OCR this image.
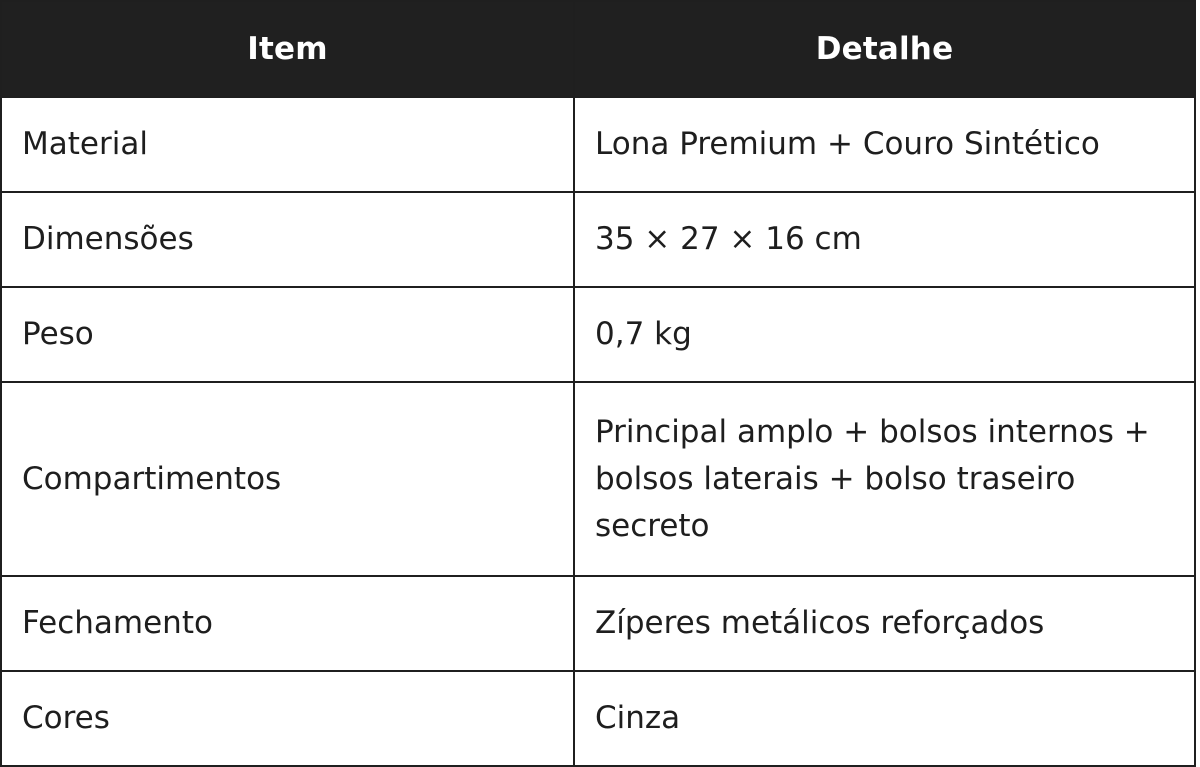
Item	Detalhe
Material	Lona Premium + Couro Sintético
Dimensões	35 × 27 × 16 cm
Peso	0,7 kg
Compartimentos	Principal amplo + bolsos internos + bolsos laterais + bolso traseiro secreto
Fechamento	Zíperes metálicos reforçados
Cores	Cinza
